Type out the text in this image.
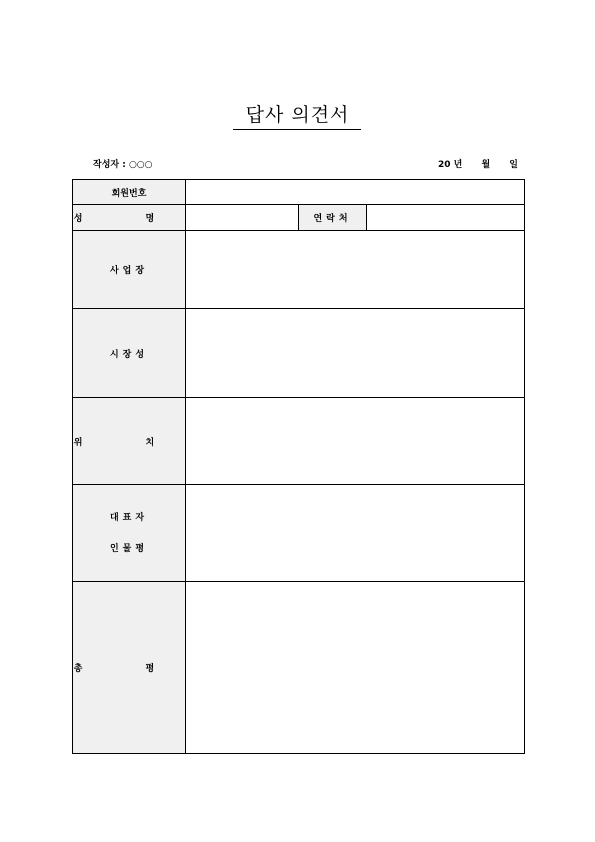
답사 의견서
작성자 : ○○○	20 년 월 일
회원번호			
성 명		연락처	
사업장			
시장성			
위 치			

대표자
인물평			

총 평			
